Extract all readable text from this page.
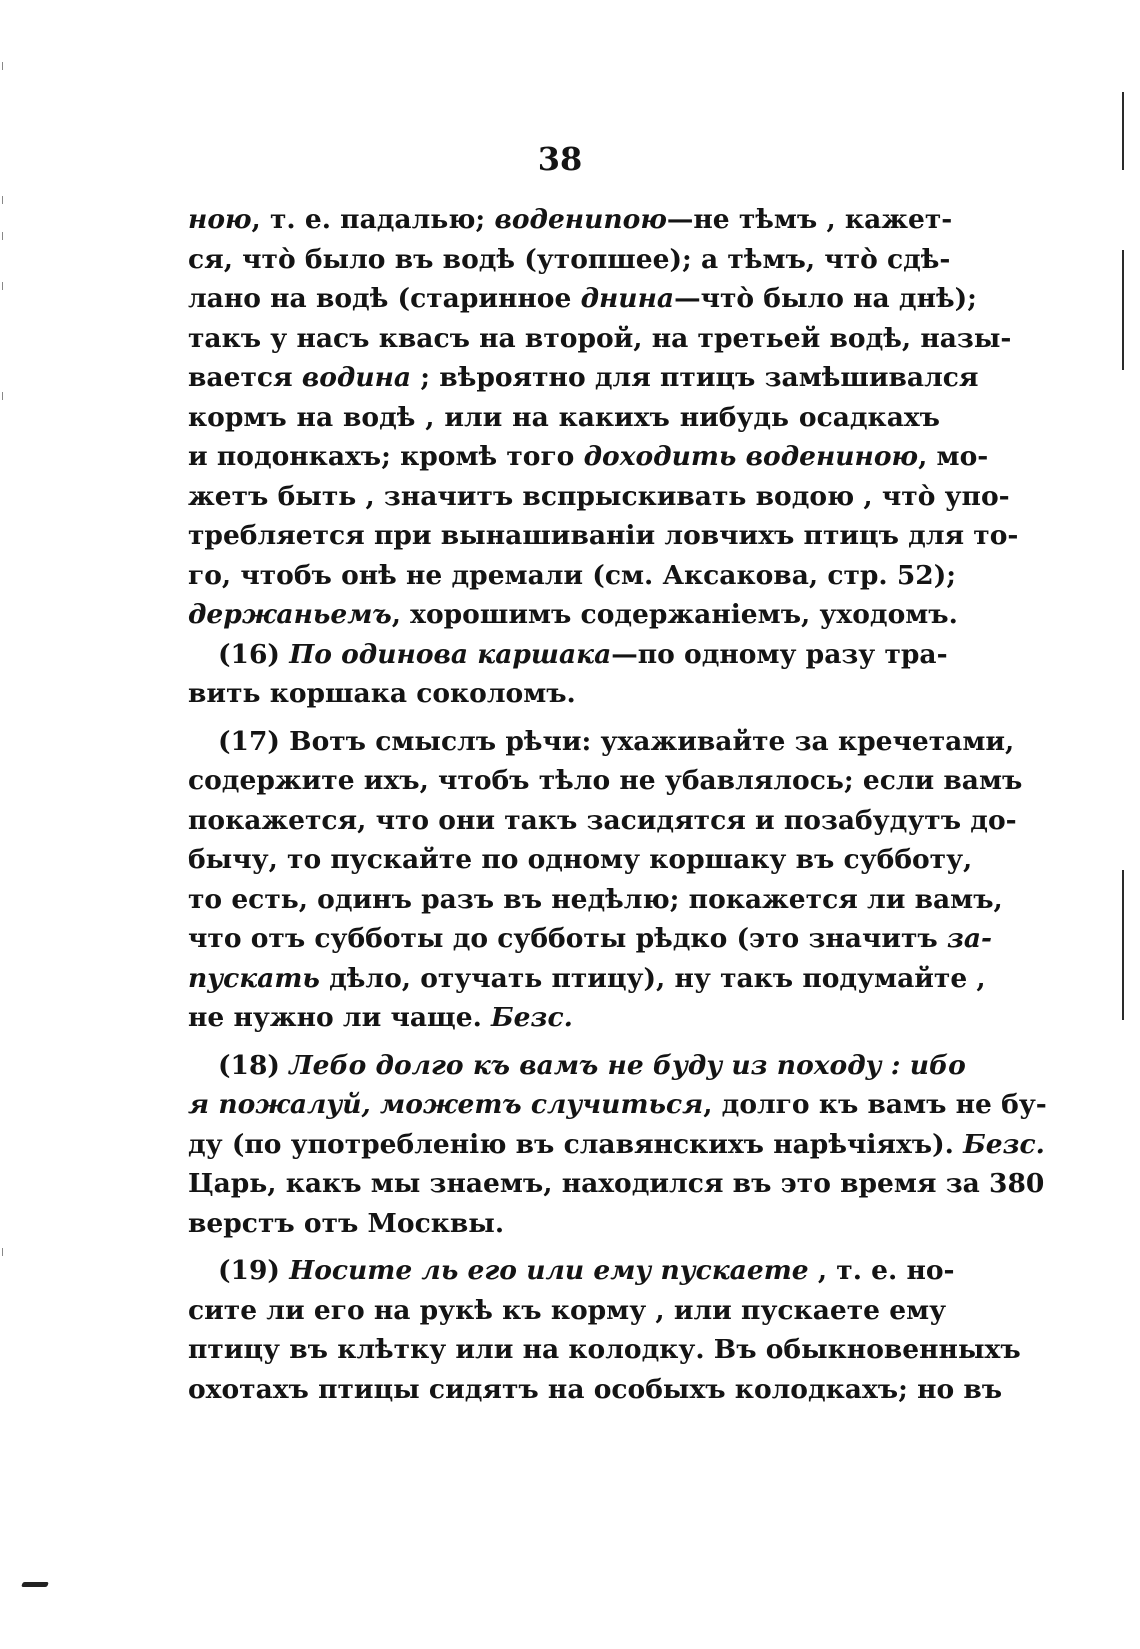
38
ною, т. е. падалью; воденипою—не тѣмъ , кажет-
ся, что̀ было въ водѣ (утопшее); а тѣмъ, что̀ сдѣ-
лано на водѣ (старинное днина—что̀ было на днѣ);
такъ у насъ квасъ на второй, на третьей водѣ, назы-
вается водина ; вѣроятно для птицъ замѣшивался
кормъ на водѣ , или на какихъ нибудь осадкахъ
и подонкахъ; кромѣ того доходить водениною, мо-
жетъ быть , значитъ вспрыскивать водою , что̀ упо-
требляется при вынашиванiи ловчихъ птицъ для то-
го, чтобъ онѣ не дремали (см. Аксакова, стр. 52);
держаньемъ, хорошимъ содержанiемъ, уходомъ.
(16) По одинова каршака—по одному разу тра-
вить коршака соколомъ.
(17) Вотъ смыслъ рѣчи: ухаживайте за кречетами,
содержите ихъ, чтобъ тѣло не убавлялось; если вамъ
покажется, что они такъ засидятся и позабудутъ до-
бычу, то пускайте по одному коршаку въ субботу,
то есть, одинъ разъ въ недѣлю; покажется ли вамъ,
что отъ субботы до субботы рѣдко (это значитъ за-
пускать дѣло, отучать птицу), ну такъ подумайте ,
не нужно ли чаще. Безс.
(18) Лебо долго къ вамъ не буду из походу : ибо
я пожалуй, можетъ случиться, долго къ вамъ не бу-
ду (по употребленiю въ славянскихъ нарѣчiяхъ). Безс.
Царь, какъ мы знаемъ, находился въ это время за 380
верстъ отъ Москвы.
(19) Носите ль его или ему пускаете , т. е. но-
сите ли его на рукѣ къ корму , или пускаете ему
птицу въ клѣтку или на колодку. Въ обыкновенныхъ
охотахъ птицы сидятъ на особыхъ колодкахъ; но въ
